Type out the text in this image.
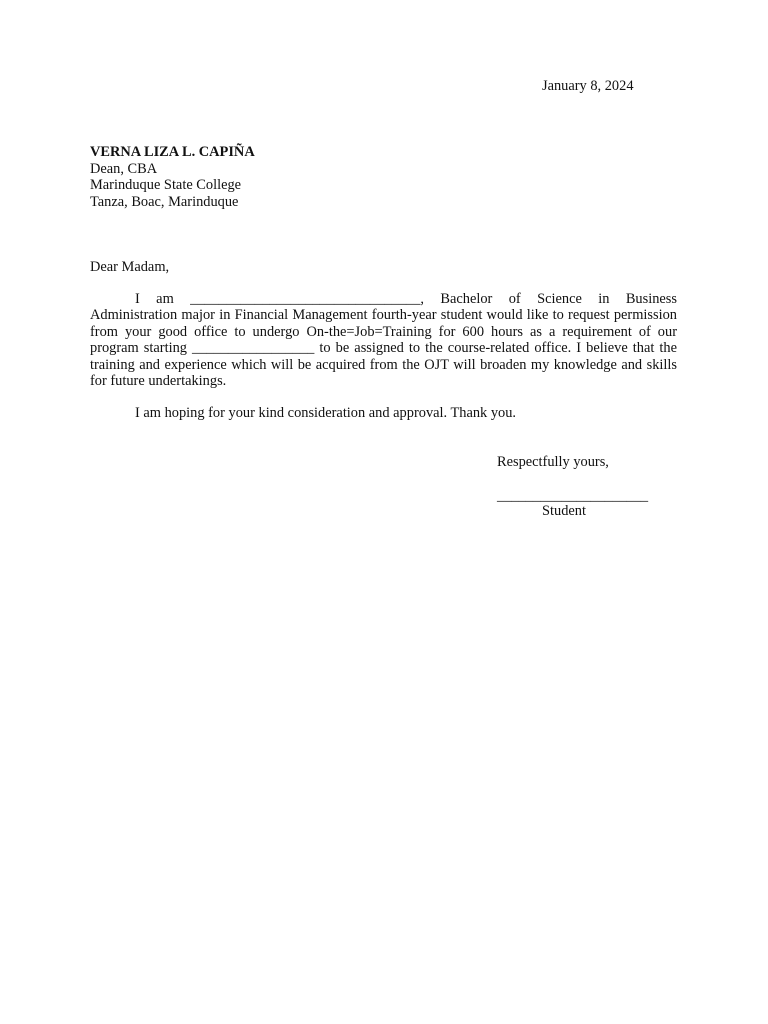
January 8, 2024
VERNA LIZA L. CAPIÑA
Dean, CBA
Marinduque State College
Tanza, Boac, Marinduque
Dear Madam,
I am ________________________________, Bachelor of Science in Business Administration major in Financial Management fourth-year student would like to request permission from your good office to undergo On-the=Job=Training for 600 hours as a requirement of our program starting _________________ to be assigned to the course-related office. I believe that the training and experience which will be acquired from the OJT will broaden my knowledge and skills for future undertakings.
I am hoping for your kind consideration and approval. Thank you.
Respectfully yours,
_____________________
Student
